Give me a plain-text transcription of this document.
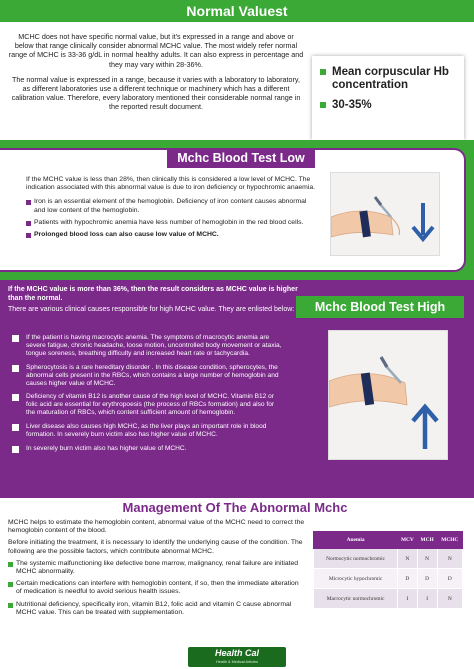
Normal Valuest

MCHC does not have specific normal value, but it's expressed in a range and above or below that range clinically consider abnormal MCHC value. The most widely refer normal range of MCHC is 33-36 g/dL in normal healthy adults. It can also express in percentage and they may vary within 28-36%.

The normal value is expressed in a range, because it varies with a laboratory to laboratory, as different laboratories use a different technique or machinery which has a different calibration value. Therefore, every laboratory mentioned their considerable normal range in the reported result document.

Mean corpuscular Hb concentration
30-35%
Mchc Blood Test Low

If the MCHC value is less than 28%, then clinically this is considered a low level of MCHC. The indication associated with this abnormal value is due to iron deficiency or hypochromic anaemia.

Iron is an essential element of the hemoglobin. Deficiency of iron content causes abnormal and low content of the hemoglobin.
Patients with hypochromic anemia have less number of hemoglobin in the red blood cells.
Prolonged blood loss can also cause low value of MCHC.

If the MCHC value is more than 36%, then the result considers as MCHC value is higher than the normal.

There are various clinical causes responsible for high MCHC value. They are enlisted below:	Mchc Blood Test High
If the patient is having macrocytic anemia. The symptoms of macrocytic anemia are severe fatigue, chronic headache, loose motion, uncontrolled body movement or ataxia, tongue soreness, breathing difficulty and increased heart rate or tachycardia.
Spherocytosis is a rare hereditary disorder . In this disease condition, spherocytes, the abnormal cells present in the RBCs, which contains a large number of hemoglobin and causes higher value of MCHC.
Deficiency of vitamin B12 is another cause of the high level of MCHC. Vitamin B12 or folic acid are essential for erythropoesis (the process of RBCs formation) and also for the maturation of RBCs, which content sufficient amount of hemoglobin.
Liver disease also causes high MCHC, as the liver plays an important role in blood formation. In severely burn victim also has higher value of MCHC.
In severely burn victim also has higher value of MCHC.
Management Of The Abnormal Mchc

MCHC helps to estimate the hemoglobin content, abnormal value of the MCHC need to correct the hemoglobin content of the blood.

Before initiating the treatment, it is necessary to identify the underlying cause of the condition. The following are the possible factors, which contribute abnormal MCHC.

The systemic malfunctioning like defective bone marrow, malignancy, renal failure are initiated MCHC abnormality.
Certain medications can interfere with hemoglobin content, if so, then the immediate alteration of medication is needful to avoid serious health issues.
Nutritional deficiency, specifically iron, vitamin B12, folic acid and vitamin C cause abnormal MCHC value. This can be treated with supplementation.
Anemia	MCV	MCH	MCHC
Normocytic normochromic	N	N	N
Microcytic hypochromic	D	D	D
Macrocytic normochromic	I	I	N
Health Cal
Health & Medical Articles
